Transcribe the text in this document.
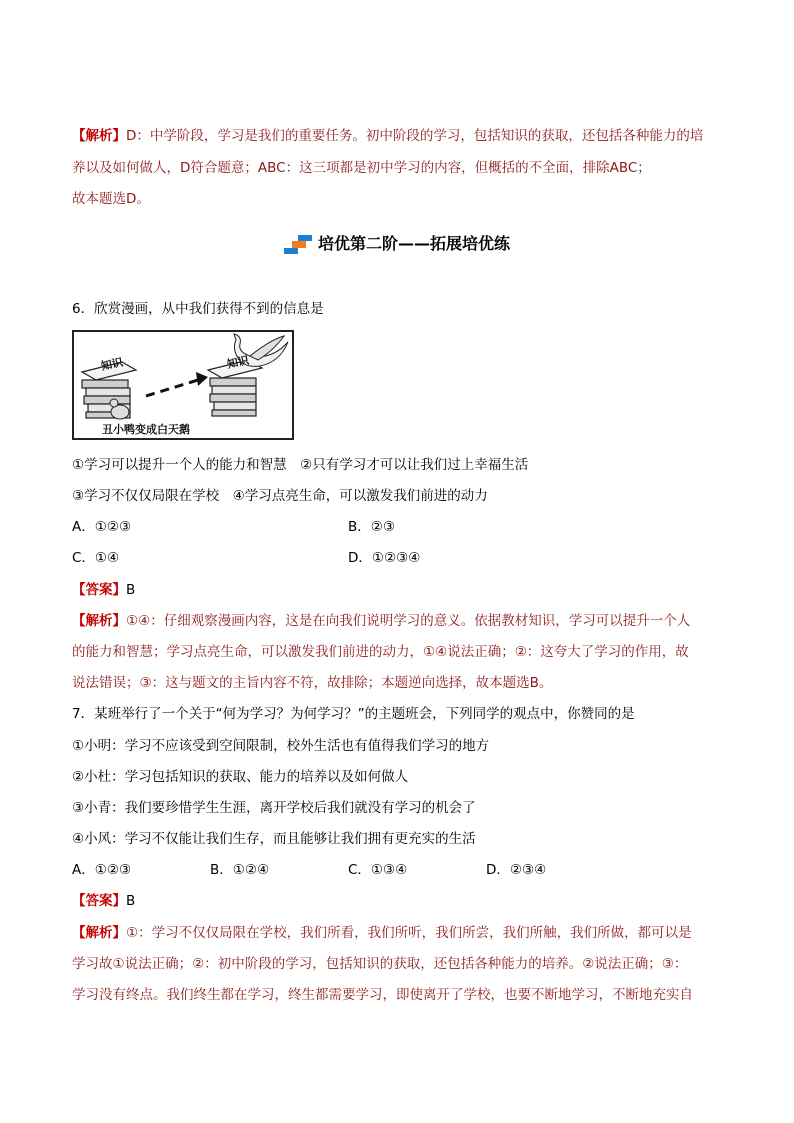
【解析】D：中学阶段，学习是我们的重要任务。初中阶段的学习，包括知识的获取，还包括各种能力的培
养以及如何做人，D符合题意；ABC：这三项都是初中学习的内容，但概括的不全面，排除ABC；
故本题选D。
培优第二阶——拓展培优练
6．欣赏漫画，从中我们获得不到的信息是
知识	知识
丑小鸭变成白天鹅
①学习可以提升一个人的能力和智慧　②只有学习才可以让我们过上幸福生活
③学习不仅仅局限在学校　④学习点亮生命，可以激发我们前进的动力
A．①②③	B．②③
C．①④	D．①②③④
【答案】B
【解析】①④：仔细观察漫画内容，这是在向我们说明学习的意义。依据教材知识，学习可以提升一个人
的能力和智慧；学习点亮生命，可以激发我们前进的动力，①④说法正确；②：这夸大了学习的作用，故
说法错误；③：这与题文的主旨内容不符，故排除；本题逆向选择，故本题选B。
7．某班举行了一个关于“何为学习？为何学习？”的主题班会，下列同学的观点中，你赞同的是
①小明：学习不应该受到空间限制，校外生活也有值得我们学习的地方
②小杜：学习包括知识的获取、能力的培养以及如何做人
③小青：我们要珍惜学生生涯，离开学校后我们就没有学习的机会了
④小风：学习不仅能让我们生存，而且能够让我们拥有更充实的生活
A．①②③	B．①②④	C．①③④	D．②③④
【答案】B
【解析】①：学习不仅仅局限在学校，我们所看，我们所听，我们所尝，我们所触，我们所做，都可以是
学习故①说法正确；②：初中阶段的学习，包括知识的获取，还包括各种能力的培养。②说法正确；③：
学习没有终点。我们终生都在学习，终生都需要学习，即使离开了学校，也要不断地学习，不断地充实自
